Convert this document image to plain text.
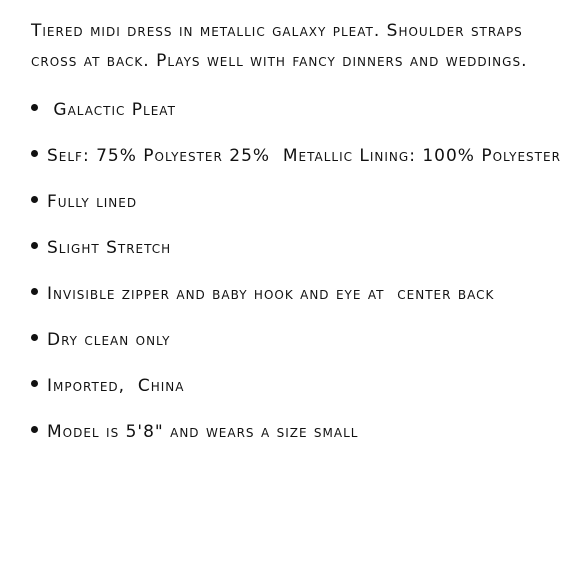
Tiered midi dress in metallic galaxy pleat. Shoulder straps cross at back. Plays well with fancy dinners and weddings.

Galactic Pleat
Self: 75% Polyester 25%  Metallic Lining: 100% Polyester
Fully lined
Slight Stretch
Invisible zipper and baby hook and eye at  center back
Dry clean only
Imported,  China
Model is 5'8" and wears a size small
